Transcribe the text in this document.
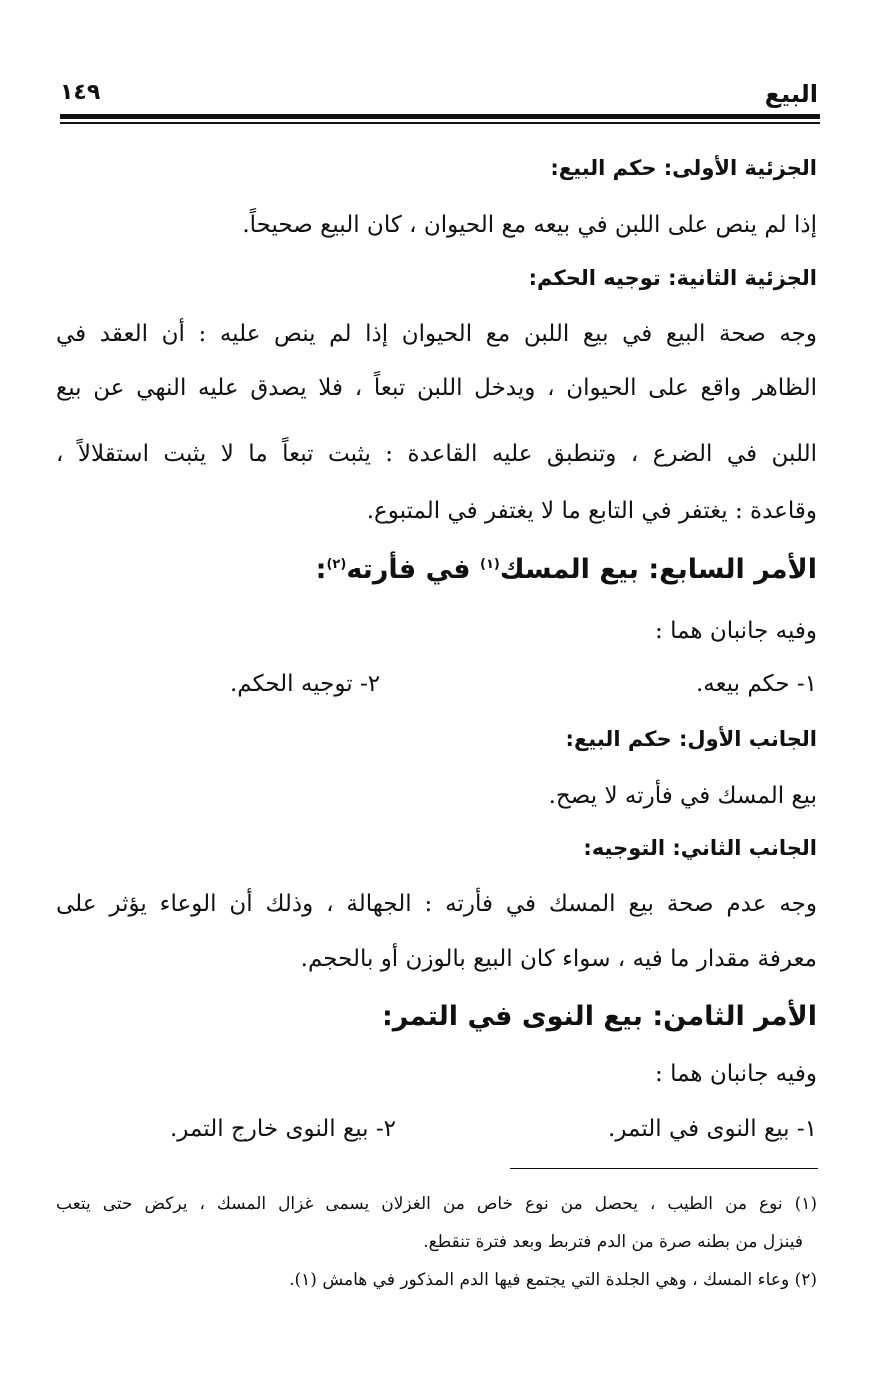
البيع
١٤٩
الجزئية الأولى: حكم البيع:
إذا لم ينص على اللبن في بيعه مع الحيوان ، كان البيع صحيحاً.
الجزئية الثانية: توجيه الحكم:
وجه صحة البيع في بيع اللبن مع الحيوان إذا لم ينص عليه : أن العقد في
الظاهر واقع على الحيوان ، ويدخل اللبن تبعاً ، فلا يصدق عليه النهي عن بيع
اللبن في الضرع ، وتنطبق عليه القاعدة : يثبت تبعاً ما لا يثبت استقلالاً ،
وقاعدة : يغتفر في التابع ما لا يغتفر في المتبوع.
الأمر السابع: بيع المسك$^{(١)}$ في فأرته$^{(٢)}$:
وفيه جانبان هما :
١- حكم بيعه.
٢- توجيه الحكم.
الجانب الأول: حكم البيع:
بيع المسك في فأرته لا يصح.
الجانب الثاني: التوجيه:
وجه عدم صحة بيع المسك في فأرته : الجهالة ، وذلك أن الوعاء يؤثر على
معرفة مقدار ما فيه ، سواء كان البيع بالوزن أو بالحجم.
الأمر الثامن: بيع النوى في التمر:
وفيه جانبان هما :
١- بيع النوى في التمر.
٢- بيع النوى خارج التمر.
(١) نوع من الطيب ، يحصل من نوع خاص من الغزلان يسمى غزال المسك ، يركض حتى يتعب
فينزل من بطنه صرة من الدم فتربط وبعد فترة تنقطع.
(٢) وعاء المسك ، وهي الجلدة التي يجتمع فيها الدم المذكور في هامش (١).
